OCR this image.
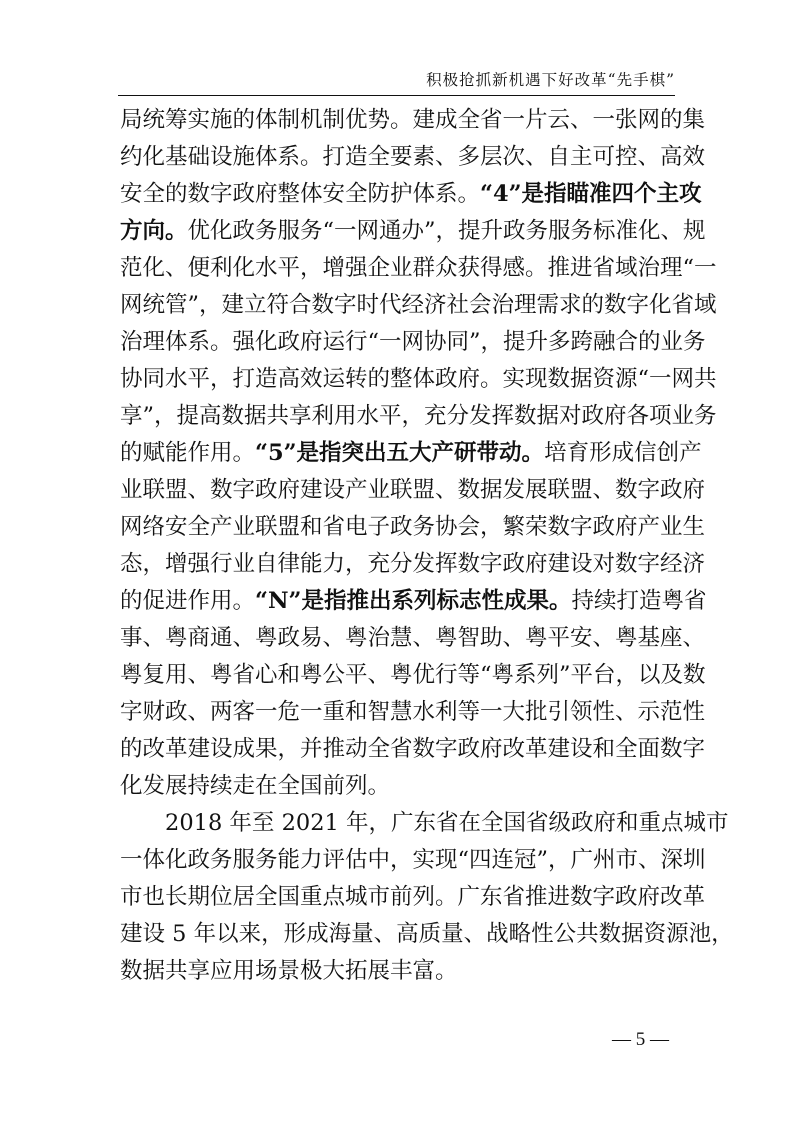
积极抢抓新机遇下好改革“先手棋”
局统筹实施的体制机制优势。建成全省一片云、一张网的集
约化基础设施体系。打造全要素、多层次、自主可控、高效
安全的数字政府整体安全防护体系。“4”是指瞄准四个主攻
方向。优化政务服务“一网通办”，提升政务服务标准化、规
范化、便利化水平，增强企业群众获得感。推进省域治理“一
网统管”，建立符合数字时代经济社会治理需求的数字化省域
治理体系。强化政府运行“一网协同”，提升多跨融合的业务
协同水平，打造高效运转的整体政府。实现数据资源“一网共
享”，提高数据共享利用水平，充分发挥数据对政府各项业务
的赋能作用。“5”是指突出五大产研带动。培育形成信创产
业联盟、数字政府建设产业联盟、数据发展联盟、数字政府
网络安全产业联盟和省电子政务协会，繁荣数字政府产业生
态，增强行业自律能力，充分发挥数字政府建设对数字经济
的促进作用。“N”是指推出系列标志性成果。持续打造粤省
事、粤商通、粤政易、粤治慧、粤智助、粤平安、粤基座、
粤复用、粤省心和粤公平、粤优行等“粤系列”平台，以及数
字财政、两客一危一重和智慧水利等一大批引领性、示范性
的改革建设成果，并推动全省数字政府改革建设和全面数字
化发展持续走在全国前列。
2018 年至 2021 年，广东省在全国省级政府和重点城市
一体化政务服务能力评估中，实现“四连冠”，广州市、深圳
市也长期位居全国重点城市前列。广东省推进数字政府改革
建设 5 年以来，形成海量、高质量、战略性公共数据资源池，
数据共享应用场景极大拓展丰富。
— 5 —
